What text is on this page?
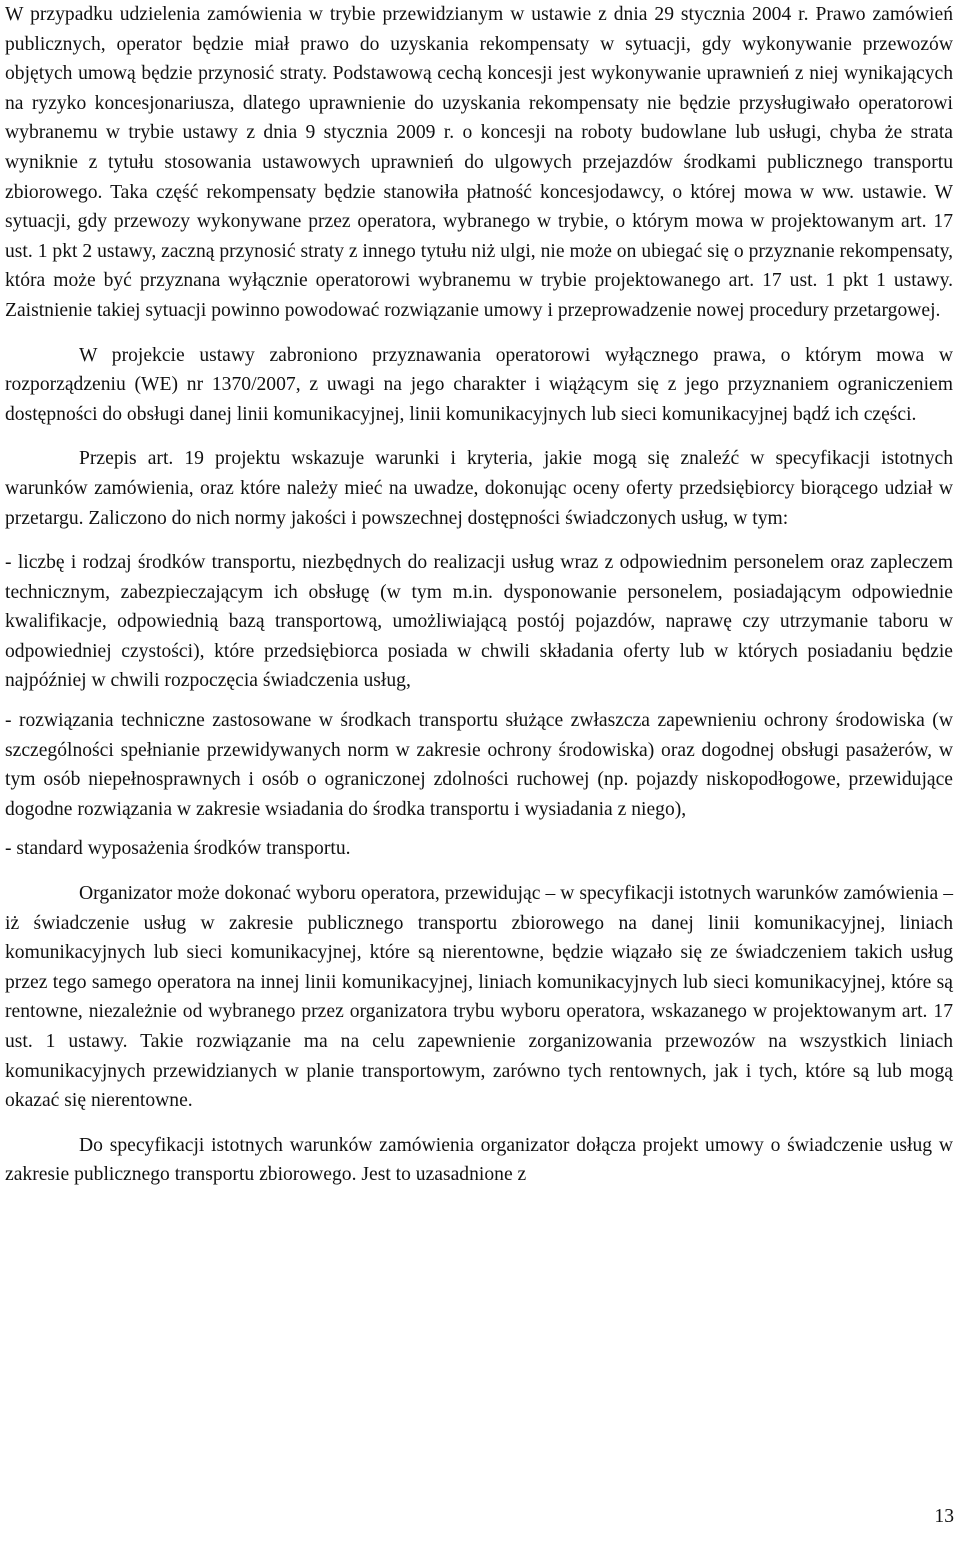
W przypadku udzielenia zamówienia w trybie przewidzianym w ustawie z dnia 29 stycznia 2004 r. Prawo zamówień publicznych, operator będzie miał prawo do uzyskania rekompensaty w sytuacji, gdy wykonywanie przewozów objętych umową będzie przynosić straty. Podstawową cechą koncesji jest wykonywanie uprawnień z niej wynikających na ryzyko koncesjonariusza, dlatego uprawnienie do uzyskania rekompensaty nie będzie przysługiwało operatorowi wybranemu w trybie ustawy z dnia 9 stycznia 2009 r. o koncesji na roboty budowlane lub usługi, chyba że strata wyniknie z tytułu stosowania ustawowych uprawnień do ulgowych przejazdów środkami publicznego transportu zbiorowego. Taka część rekompensaty będzie stanowiła płatność koncesjodawcy, o której mowa w ww. ustawie. W sytuacji, gdy przewozy wykonywane przez operatora, wybranego w trybie, o którym mowa w projektowanym art. 17 ust. 1 pkt 2 ustawy, zaczną przynosić straty z innego tytułu niż ulgi, nie może on ubiegać się o przyznanie rekompensaty, która może być przyznana wyłącznie operatorowi wybranemu w trybie projektowanego art. 17 ust. 1 pkt 1 ustawy. Zaistnienie takiej sytuacji powinno powodować rozwiązanie umowy i przeprowadzenie nowej procedury przetargowej.

W projekcie ustawy zabroniono przyznawania operatorowi wyłącznego prawa, o którym mowa w rozporządzeniu (WE) nr 1370/2007, z uwagi na jego charakter i wiążącym się z jego przyznaniem ograniczeniem dostępności do obsługi danej linii komunikacyjnej, linii komunikacyjnych lub sieci komunikacyjnej bądź ich części.

Przepis art. 19 projektu wskazuje warunki i kryteria, jakie mogą się znaleźć w specyfikacji istotnych warunków zamówienia, oraz które należy mieć na uwadze, dokonując oceny oferty przedsiębiorcy biorącego udział w przetargu. Zaliczono do nich normy jakości i powszechnej dostępności świadczonych usług, w tym:

- liczbę i rodzaj środków transportu, niezbędnych do realizacji usług wraz z odpowiednim personelem oraz zapleczem technicznym, zabezpieczającym ich obsługę (w tym m.in. dysponowanie personelem, posiadającym odpowiednie kwalifikacje, odpowiednią bazą transportową, umożliwiającą postój pojazdów, naprawę czy utrzymanie taboru w odpowiedniej czystości), które przedsiębiorca posiada w chwili składania oferty lub w których posiadaniu będzie najpóźniej w chwili rozpoczęcia świadczenia usług,

- rozwiązania techniczne zastosowane w środkach transportu służące zwłaszcza zapewnieniu ochrony środowiska (w szczególności spełnianie przewidywanych norm w zakresie ochrony środowiska) oraz dogodnej obsługi pasażerów, w tym osób niepełnosprawnych i osób o ograniczonej zdolności ruchowej (np. pojazdy niskopodłogowe, przewidujące dogodne rozwiązania w zakresie wsiadania do środka transportu i wysiadania z niego),

- standard wyposażenia środków transportu.

Organizator może dokonać wyboru operatora, przewidując – w specyfikacji istotnych warunków zamówienia – iż świadczenie usług w zakresie publicznego transportu zbiorowego na danej linii komunikacyjnej, liniach komunikacyjnych lub sieci komunikacyjnej, które są nierentowne, będzie wiązało się ze świadczeniem takich usług przez tego samego operatora na innej linii komunikacyjnej, liniach komunikacyjnych lub sieci komunikacyjnej, które są rentowne, niezależnie od wybranego przez organizatora trybu wyboru operatora, wskazanego w projektowanym art. 17 ust. 1 ustawy. Takie rozwiązanie ma na celu zapewnienie zorganizowania przewozów na wszystkich liniach komunikacyjnych przewidzianych w planie transportowym, zarówno tych rentownych, jak i tych, które są lub mogą okazać się nierentowne.

Do specyfikacji istotnych warunków zamówienia organizator dołącza projekt umowy o świadczenie usług w zakresie publicznego transportu zbiorowego. Jest to uzasadnione z

13
